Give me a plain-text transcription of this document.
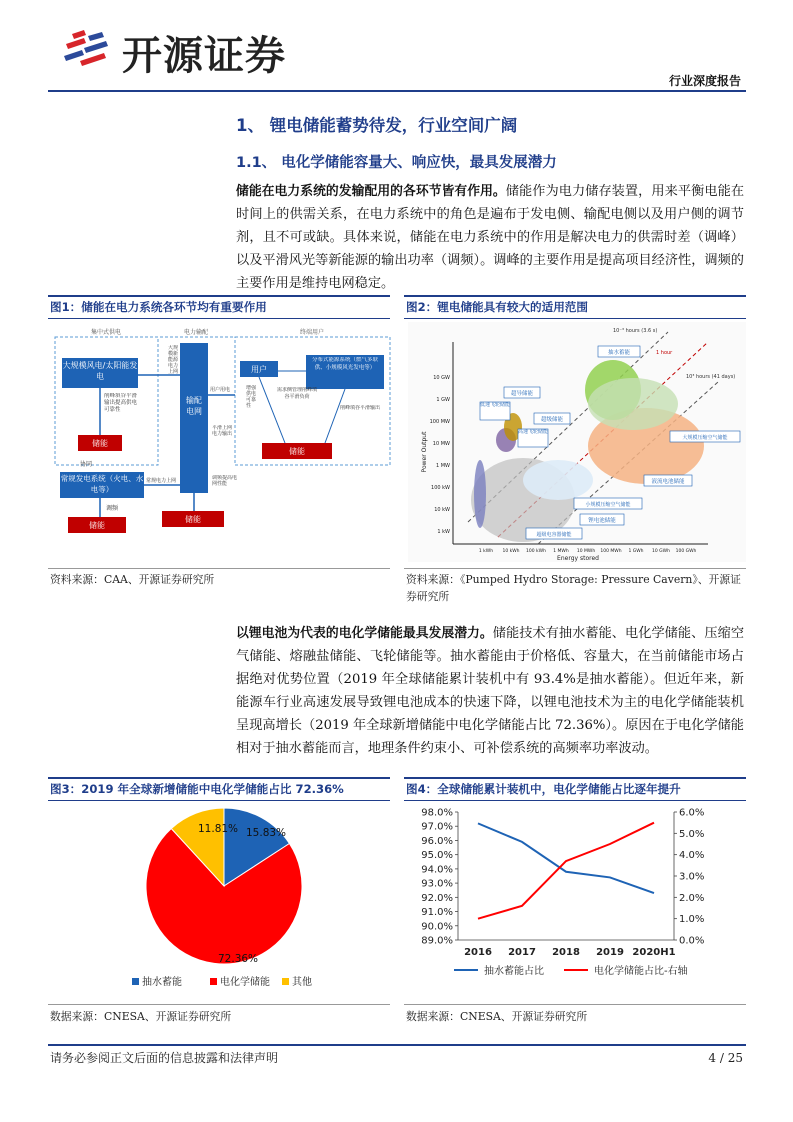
开源证券
行业深度报告
1、 锂电储能蓄势待发，行业空间广阔
1.1、 电化学储能容量大、响应快，最具发展潜力
储能在电力系统的发输配用的各环节皆有作用。储能作为电力储存装置，用来平衡电能在时间上的供需关系，在电力系统中的角色是遍布于发电侧、输配电侧以及用户侧的调节剂，且不可或缺。具体来说，储能在电力系统中的作用是解决电力的供需时差（调峰）以及平滑风光等新能源的输出功率（调频）。调峰的主要作用是提高项目经济性，调频的主要作用是维持电网稳定。
图1：储能在电力系统各环节均有重要作用	图2：锂电储能具有较大的适用范围
集中式供电	电力输配	终端用户
大规模风电/太阳能发电
削峰填谷平滑输出提高供电可靠性
储能
常规发电系统（火电、水电等）
协同
调频
储能
常规电力上网
输配电网
大规模新能源电力上网
储能
调频提高电网性能
用户用电
用户
分布式能源系统（燃气多联供、小规模风光发电等）
需求侧管理削峰填谷平滑负荷
增强供电可靠性	削峰填谷平滑输出
储能
平滑上网电力输出	Power Output
Energy stored
10 GW
1 GW
100 MW
10 MW
1 MW
100 kW
10 kW
1 kW
1 kWh 10 kWh 100 kWh 1 MWh 10 MWh 100 MWh 1 GWh 10 GWh 100 GWh
10⁻³ hours (3.6 s)
1 hour
10³ hours (41 days)
抽水蓄能
超导储能
低速飞轮储能
超级储能
高速飞轮储能
大规模压缩空气储能
液流电池储能
小规模压缩空气储能
锂电池储能
超级电容器储能
资料来源：CAA、开源证券研究所	资料来源：《Pumped Hydro Storage: Pressure Cavern》、开源证券研究所
以锂电池为代表的电化学储能最具发展潜力。储能技术有抽水蓄能、电化学储能、压缩空气储能、熔融盐储能、飞轮储能等。抽水蓄能由于价格低、容量大，在当前储能市场占据绝对优势位置（2019 年全球储能累计装机中有 93.4%是抽水蓄能）。但近年来，新能源车行业高速发展导致锂电池成本的快速下降，以锂电池技术为主的电化学储能装机呈现高增长（2019 年全球新增储能中电化学储能占比 72.36%）。原因在于电化学储能相对于抽水蓄能而言，地理条件约束小、可补偿系统的高频率功率波动。
图3：2019 年全球新增储能中电化学储能占比 72.36%	图4：全球储能累计装机中，电化学储能占比逐年提升
15.83%
72.36%
11.81%
抽水蓄能	电化学储能 其他
98.0%
97.0%
96.0%
95.0%
94.0%
93.0%
92.0%
91.0%
90.0%
89.0%
6.0%
5.0%
4.0%
3.0%
2.0%
1.0%
0.0%
2016 2017 2018 2019 2020H1
抽水蓄能占比	电化学储能占比-右轴
数据来源：CNESA、开源证券研究所	数据来源：CNESA、开源证券研究所
请务必参阅正文后面的信息披露和法律声明	4 / 25
